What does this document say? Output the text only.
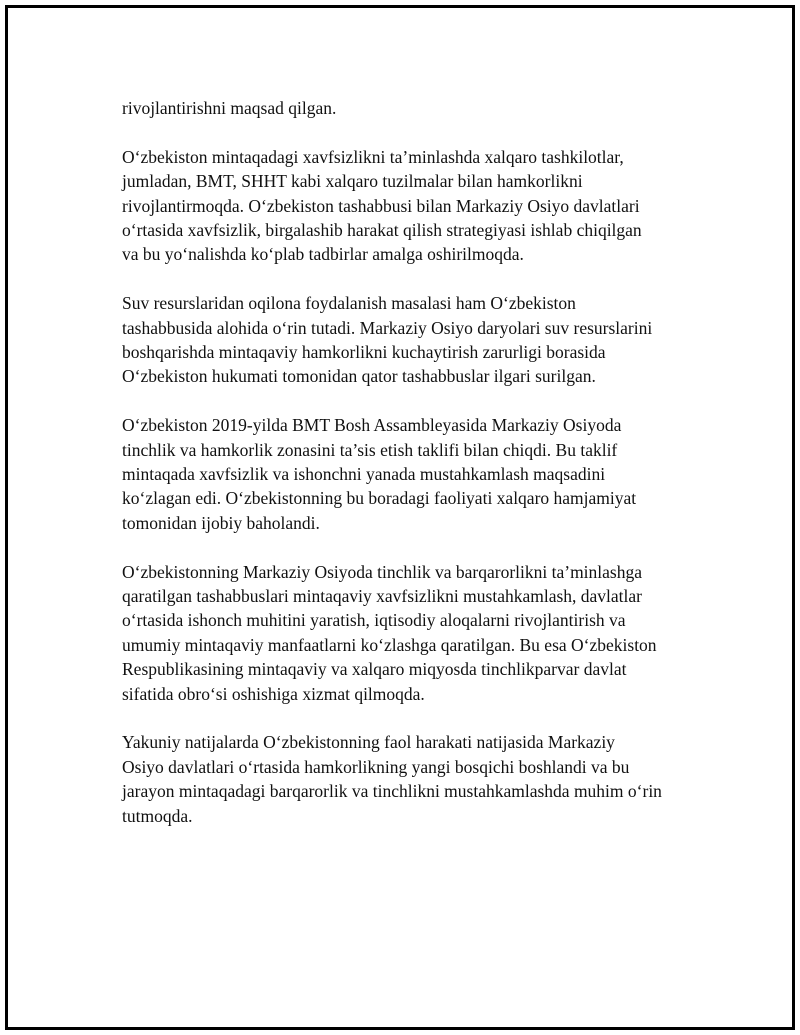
rivojlantirishni maqsad qilgan.

O‘zbekiston mintaqadagi xavfsizlikni ta’minlashda xalqaro tashkilotlar,
jumladan, BMT, SHHT kabi xalqaro tuzilmalar bilan hamkorlikni
rivojlantirmoqda. O‘zbekiston tashabbusi bilan Markaziy Osiyo davlatlari
o‘rtasida xavfsizlik, birgalashib harakat qilish strategiyasi ishlab chiqilgan
va bu yo‘nalishda ko‘plab tadbirlar amalga oshirilmoqda.

Suv resurslaridan oqilona foydalanish masalasi ham O‘zbekiston
tashabbusida alohida o‘rin tutadi. Markaziy Osiyo daryolari suv resurslarini
boshqarishda mintaqaviy hamkorlikni kuchaytirish zarurligi borasida
O‘zbekiston hukumati tomonidan qator tashabbuslar ilgari surilgan.

O‘zbekiston 2019-yilda BMT Bosh Assambleyasida Markaziy Osiyoda
tinchlik va hamkorlik zonasini ta’sis etish taklifi bilan chiqdi. Bu taklif
mintaqada xavfsizlik va ishonchni yanada mustahkamlash maqsadini
ko‘zlagan edi. O‘zbekistonning bu boradagi faoliyati xalqaro hamjamiyat
tomonidan ijobiy baholandi.

O‘zbekistonning Markaziy Osiyoda tinchlik va barqarorlikni ta’minlashga
qaratilgan tashabbuslari mintaqaviy xavfsizlikni mustahkamlash, davlatlar
o‘rtasida ishonch muhitini yaratish, iqtisodiy aloqalarni rivojlantirish va
umumiy mintaqaviy manfaatlarni ko‘zlashga qaratilgan. Bu esa O‘zbekiston
Respublikasining mintaqaviy va xalqaro miqyosda tinchlikparvar davlat
sifatida obro‘si oshishiga xizmat qilmoqda.

Yakuniy natijalarda O‘zbekistonning faol harakati natijasida Markaziy
Osiyo davlatlari o‘rtasida hamkorlikning yangi bosqichi boshlandi va bu
jarayon mintaqadagi barqarorlik va tinchlikni mustahkamlashda muhim o‘rin
tutmoqda.
